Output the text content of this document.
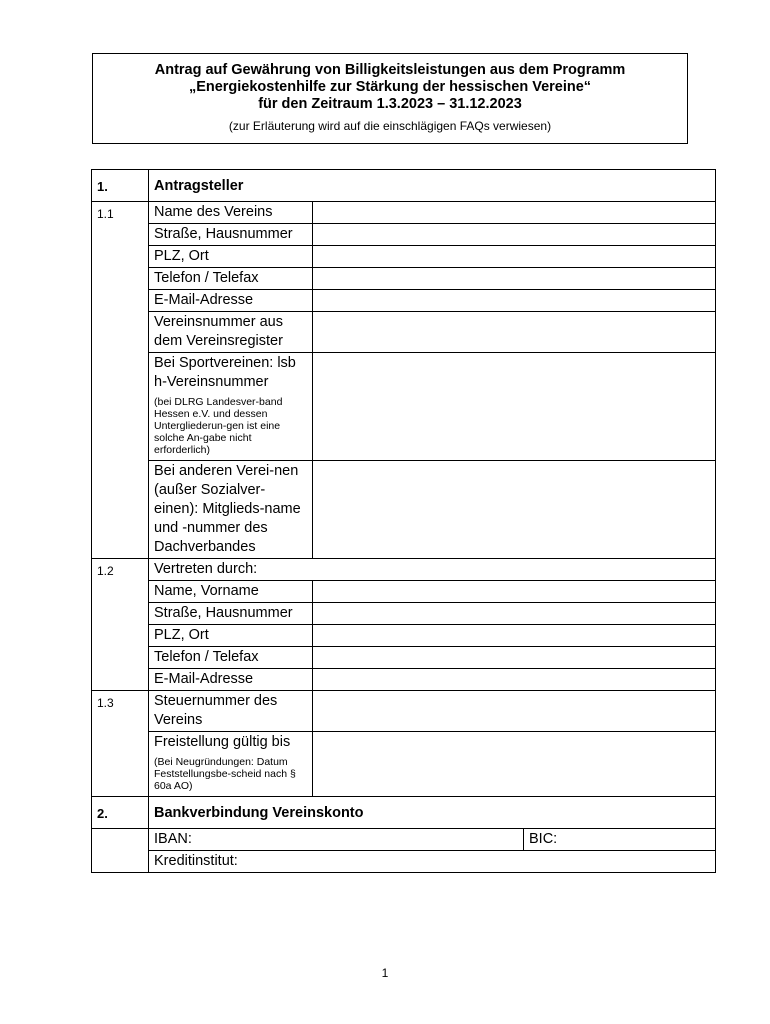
Antrag auf Gewährung von Billigkeitsleistungen aus dem Programm
„Energiekostenhilfe zur Stärkung der hessischen Vereine“
für den Zeitraum 1.3.2023 – 31.12.2023
(zur Erläuterung wird auf die einschlägigen FAQs verwiesen)
1.	Antragsteller		
1.1	Name des Vereins		
	Straße, Hausnummer		
	PLZ, Ort		
	Telefon / Telefax		
	E-Mail-Adresse		
	Vereinsnummer aus dem Vereinsregister		

	Bei Sportvereinen: lsb h-Vereinsnummer
(bei DLRG Landesver-band Hessen e.V. und dessen Untergliederun-gen ist eine solche An-gabe nicht erforderlich)		

	Bei anderen Verei-nen (außer Sozialver-einen): Mitglieds-name und -nummer des Dachverbandes		
1.2	Vertreten durch:		
	Name, Vorname		
	Straße, Hausnummer		
	PLZ, Ort		
	Telefon / Telefax		
	E-Mail-Adresse		
1.3	Steuernummer des Vereins		

	Freistellung gültig bis
(Bei Neugründungen: Datum Feststellungsbe-scheid nach § 60a AO)		

2.	Bankverbindung Vereinskonto		
	IBAN:		BIC:
	Kreditinstitut:		
1
